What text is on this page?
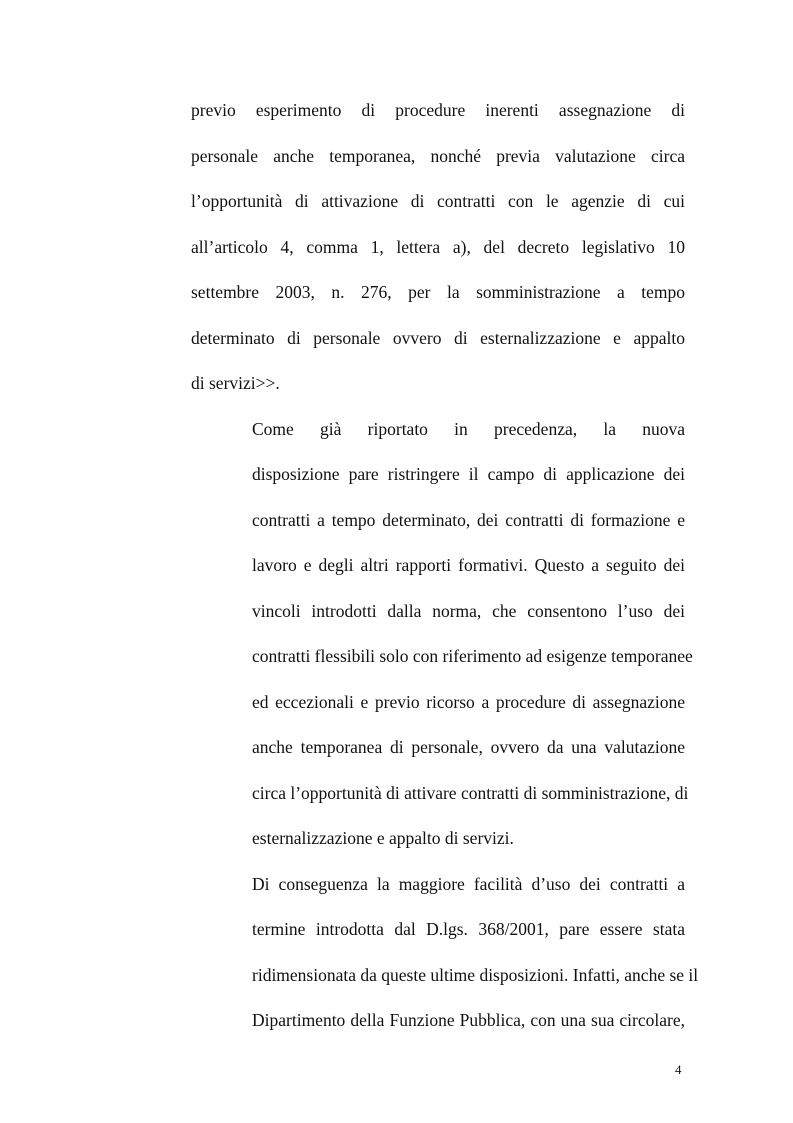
previo esperimento di procedure inerenti assegnazione di
personale anche temporanea, nonché previa valutazione circa
l’opportunità di attivazione di contratti con le agenzie di cui
all’articolo 4, comma 1, lettera a), del decreto legislativo 10
settembre 2003, n. 276, per la somministrazione a tempo
determinato di personale ovvero di esternalizzazione e appalto
di servizi>>.

Come già riportato in precedenza, la nuova
disposizione pare ristringere il campo di applicazione dei
contratti a tempo determinato, dei contratti di formazione e
lavoro e degli altri rapporti formativi. Questo a seguito dei
vincoli introdotti dalla norma, che consentono l’uso dei
contratti flessibili solo con riferimento ad esigenze temporanee
ed eccezionali e previo ricorso a procedure di assegnazione
anche temporanea di personale, ovvero da una valutazione
circa l’opportunità di attivare contratti di somministrazione, di
esternalizzazione e appalto di servizi.

Di conseguenza la maggiore facilità d’uso dei contratti a
termine introdotta dal D.lgs. 368/2001, pare essere stata
ridimensionata da queste ultime disposizioni. Infatti, anche se il
Dipartimento della Funzione Pubblica, con una sua circolare,

4
